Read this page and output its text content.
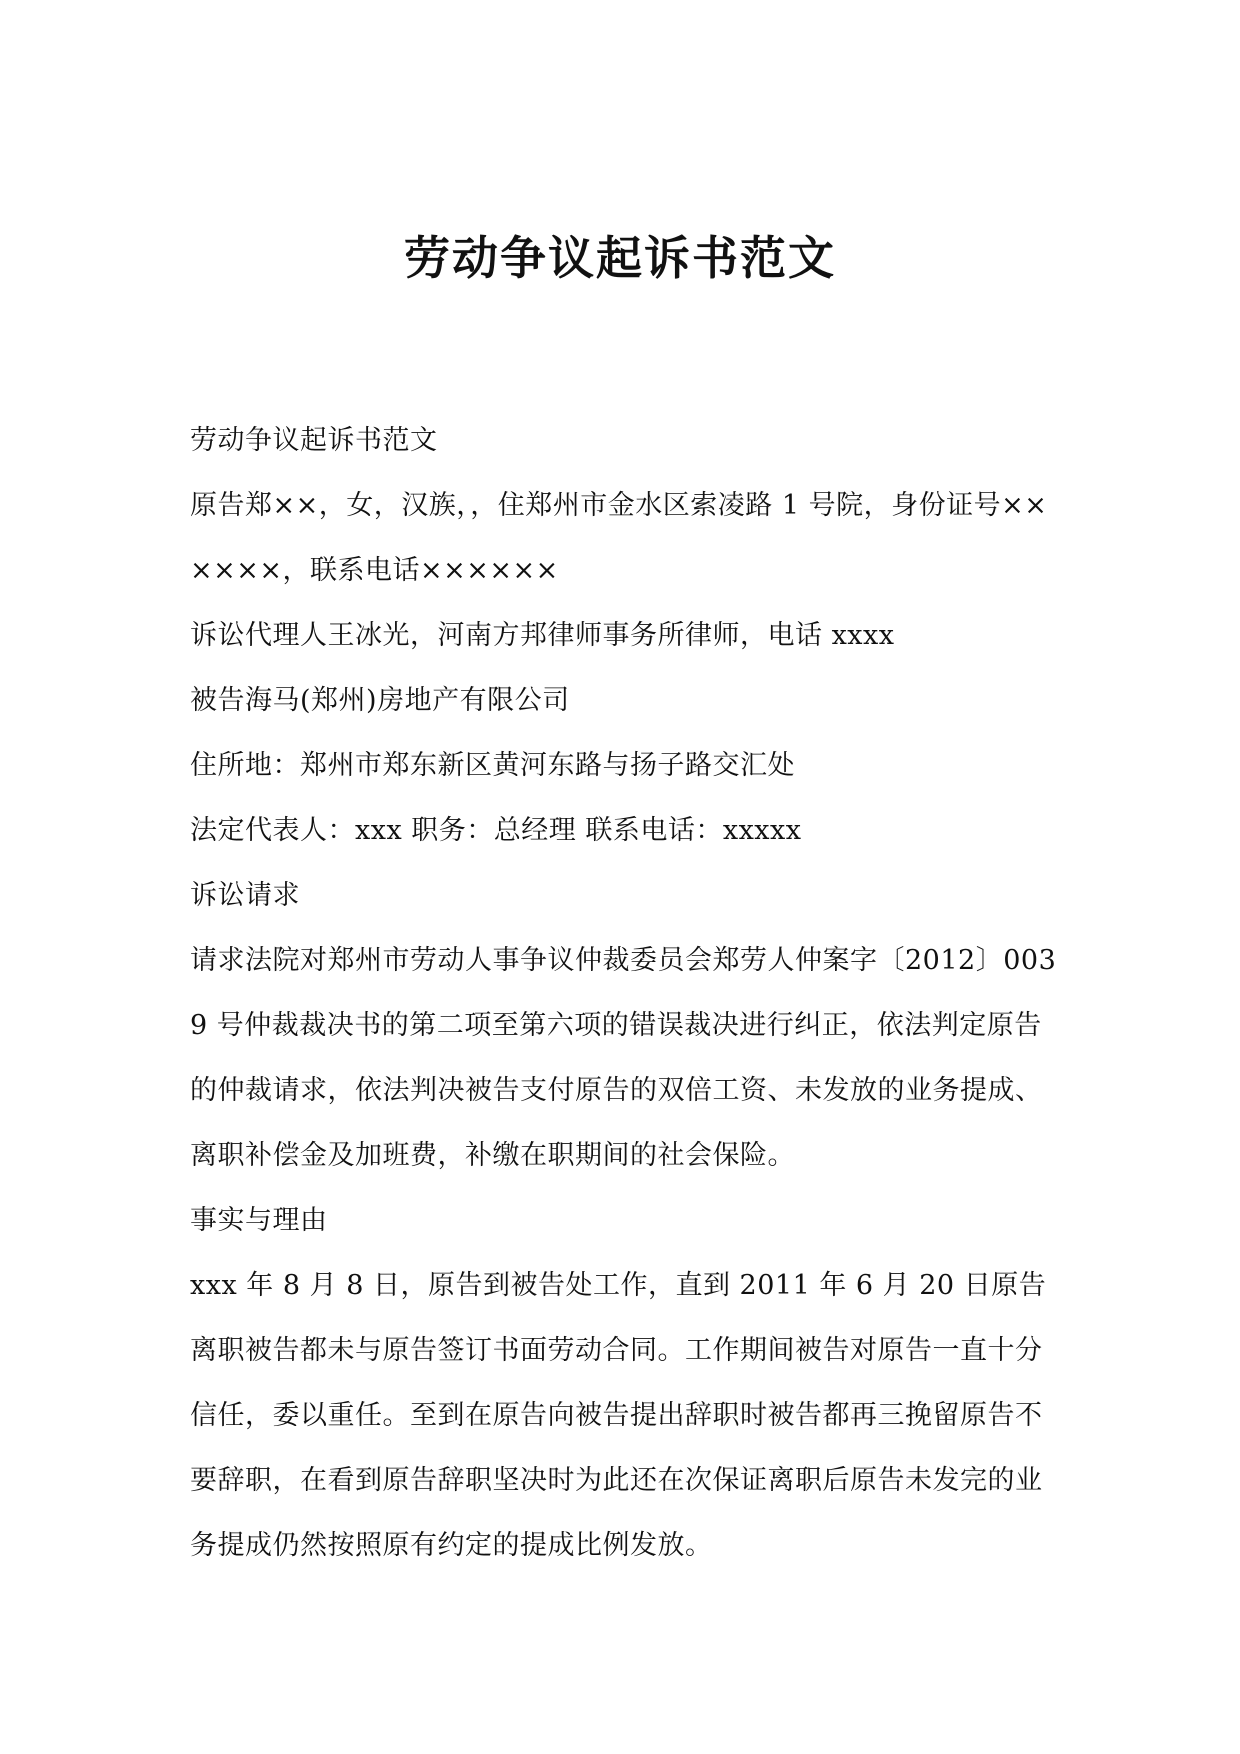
劳动争议起诉书范文

劳动争议起诉书范文

原告郑××，女，汉族，，住郑州市金水区索凌路 1 号院，身份证号××××××，联系电话××××××

诉讼代理人王冰光，河南方邦律师事务所律师，电话 xxxx

被告海马(郑州)房地产有限公司

住所地：郑州市郑东新区黄河东路与扬子路交汇处

法定代表人：xxx 职务：总经理 联系电话：xxxxx

诉讼请求

请求法院对郑州市劳动人事争议仲裁委员会郑劳人仲案字〔2012〕0039 号仲裁裁决书的第二项至第六项的错误裁决进行纠正，依法判定原告的仲裁请求，依法判决被告支付原告的双倍工资、未发放的业务提成、离职补偿金及加班费，补缴在职期间的社会保险。

事实与理由

xxx 年 8 月 8 日，原告到被告处工作，直到 2011 年 6 月 20 日原告离职被告都未与原告签订书面劳动合同。工作期间被告对原告一直十分信任，委以重任。至到在原告向被告提出辞职时被告都再三挽留原告不要辞职，在看到原告辞职坚决时为此还在次保证离职后原告未发完的业务提成仍然按照原有约定的提成比例发放。
